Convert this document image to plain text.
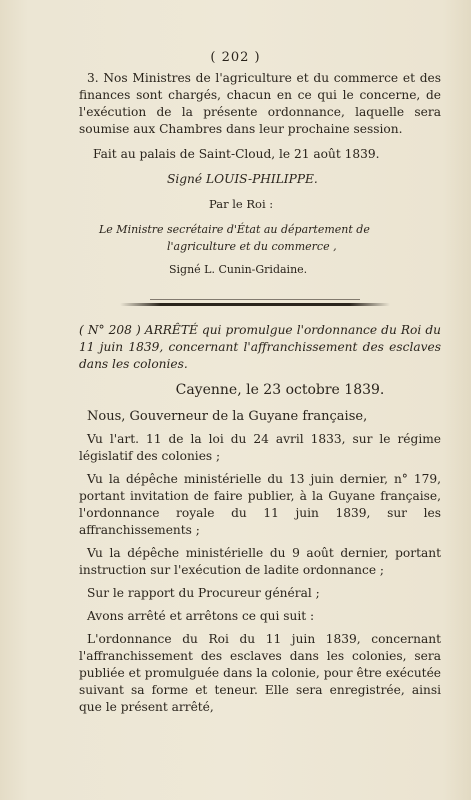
( 202 )

3. Nos Ministres de l'agriculture et du commerce et des finances sont chargés, chacun en ce qui le concerne, de l'exécution de la présente ordonnance, laquelle sera soumise aux Chambres dans leur prochaine session.

Fait au palais de Saint-Cloud, le 21 août 1839.

Signé LOUIS-PHILIPPE.

Par le Roi :

Le Ministre secrétaire d'État au département de

l'agriculture et du commerce ,

Signé L. Cunin-Gridaine.

( N° 208 ) ARRÊTÉ qui promulgue l'ordonnance du Roi du 11 juin 1839, concernant l'affranchissement des esclaves dans les colonies.

Cayenne, le 23 octobre 1839.

Nous, Gouverneur de la Guyane française,

Vu l'art. 11 de la loi du 24 avril 1833, sur le régime législatif des colonies ;

Vu la dépêche ministérielle du 13 juin dernier, n° 179, portant invitation de faire publier, à la Guyane française, l'ordonnance royale du 11 juin 1839, sur les affranchissements ;

Vu la dépêche ministérielle du 9 août dernier, portant instruction sur l'exécution de ladite ordonnance ;

Sur le rapport du Procureur général ;

Avons arrêté et arrêtons ce qui suit :

L'ordonnance du Roi du 11 juin 1839, concernant l'affranchissement des esclaves dans les colonies, sera publiée et promulguée dans la colonie, pour être exécutée suivant sa forme et teneur. Elle sera enregistrée, ainsi que le présent arrêté,
